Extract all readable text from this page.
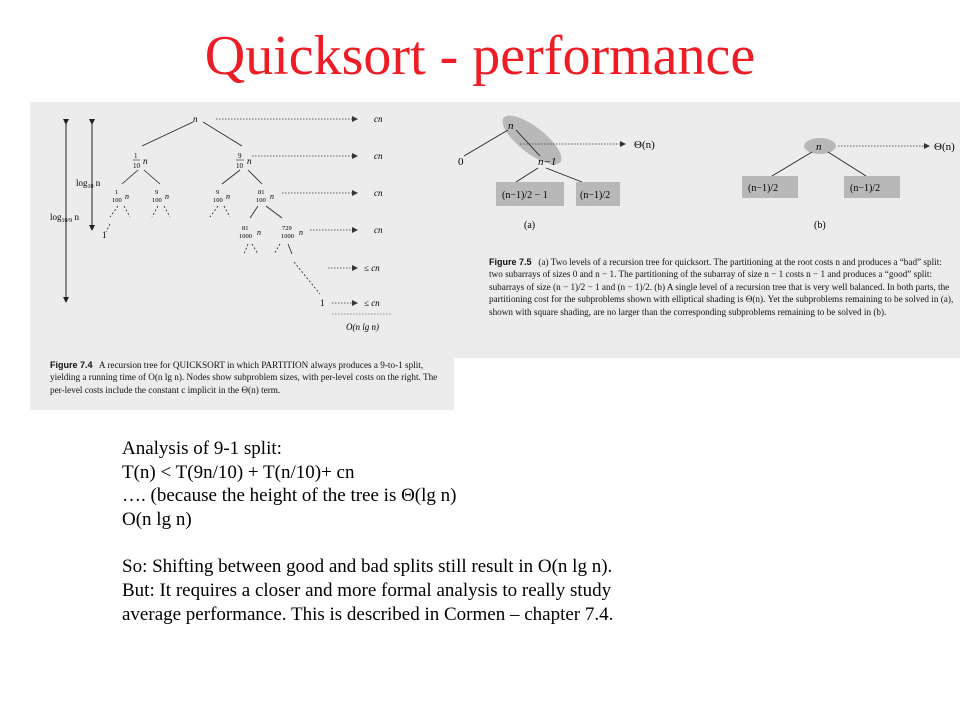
Quicksort - performance
$\log_{10} n$
$\log_{10/9} n$
n
1
10 n	9
10 n
1
100 n	9
100 n	9
100 n	81
100 n
81
1000 n	729
1000 n
1
1
cn
cn
cn
cn
≤ cn
≤ cn
O(n lg n)
Figure 7.4 A recursion tree for QUICKSORT in which PARTITION always produces a 9-to-1 split, yielding a running time of O(n lg n). Nodes show subproblem sizes, with per-level costs on the right. The per-level costs include the constant c implicit in the Θ(n) term.
n
0	n−1
(n−1)/2 − 1	(n−1)/2
Θ(n)
(a)
n
(n−1)/2	(n−1)/2
Θ(n)
(b)
Figure 7.5 (a) Two levels of a recursion tree for quicksort. The partitioning at the root costs n and produces a “bad” split: two subarrays of sizes 0 and n − 1. The partitioning of the subarray of size n − 1 costs n − 1 and produces a “good” split: subarrays of size (n − 1)/2 − 1 and (n − 1)/2. (b) A single level of a recursion tree that is very well balanced. In both parts, the partitioning cost for the subproblems shown with elliptical shading is Θ(n). Yet the subproblems remaining to be solved in (a), shown with square shading, are no larger than the corresponding subproblems remaining to be solved in (b).
Analysis of 9-1 split:
T(n) < T(9n/10) + T(n/10)+ cn
…. (because the height of the tree is Θ(lg n)
O(n lg n)
So: Shifting between good and bad splits still result in O(n lg n).
But: It requires a closer and more formal analysis to really study
average performance. This is described in Cormen – chapter 7.4.
